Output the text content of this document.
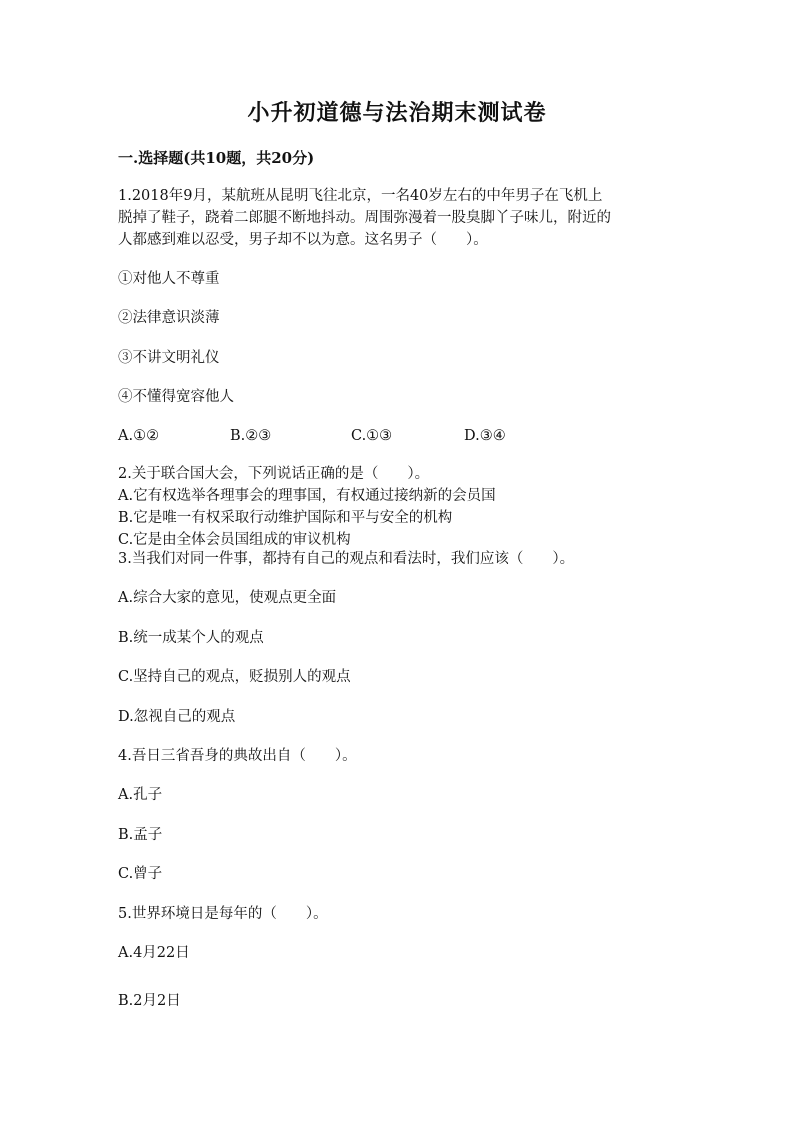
小升初道德与法治期末测试卷
一.选择题(共10题，共20分)
1.2018年9月，某航班从昆明飞往北京，一名40岁左右的中年男子在飞机上
脱掉了鞋子，跷着二郎腿不断地抖动。周围弥漫着一股臭脚丫子味儿，附近的
人都感到难以忍受，男子却不以为意。这名男子（　　）。
①对他人不尊重
②法律意识淡薄
③不讲文明礼仪
④不懂得宽容他人
A.①②	B.②③	C.①③	D.③④
2.关于联合国大会，下列说话正确的是（　　）。
A.它有权选举各理事会的理事国，有权通过接纳新的会员国
B.它是唯一有权采取行动维护国际和平与安全的机构
C.它是由全体会员国组成的审议机构
3.当我们对同一件事，都持有自己的观点和看法时，我们应该（　　）。
A.综合大家的意见，使观点更全面
B.统一成某个人的观点
C.坚持自己的观点，贬损别人的观点
D.忽视自己的观点
4.吾日三省吾身的典故出自（　　）。
A.孔子
B.孟子
C.曾子
5.世界环境日是每年的（　　）。
A.4月22日
B.2月2日
